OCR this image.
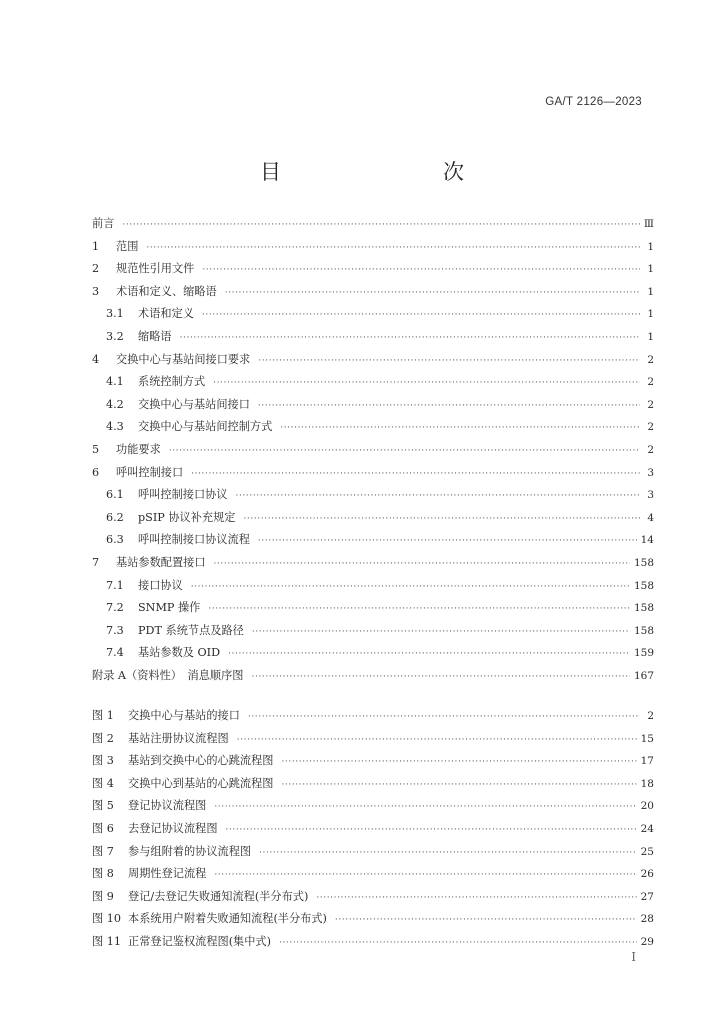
GA/T 2126—2023
目　　次
前言 ·····	Ⅲ
1	范围 ·····	1
2	规范性引用文件 ·····	1
3	术语和定义、缩略语 ·····	1
3.1	术语和定义 ·····	1
3.2	缩略语 ·····	1
4	交换中心与基站间接口要求 ·····	2
4.1	系统控制方式 ·····	2
4.2	交换中心与基站间接口 ·····	2
4.3	交换中心与基站间控制方式 ·····	2
5	功能要求 ·····	2
6	呼叫控制接口 ·····	3
6.1	呼叫控制接口协议 ·····	3
6.2	pSIP 协议补充规定 ·····	4
6.3	呼叫控制接口协议流程 ·····	14
7	基站参数配置接口 ·····	158
7.1	接口协议 ·····	158
7.2	SNMP 操作 ·····	158
7.3	PDT 系统节点及路径 ·····	158
7.4	基站参数及 OID ·····	159
附录 A（资料性）　消息顺序图 ·····	167
图 1	交换中心与基站的接口 ·····	2
图 2	基站注册协议流程图 ·····	15
图 3	基站到交换中心的心跳流程图 ·····	17
图 4	交换中心到基站的心跳流程图 ·····	18
图 5	登记协议流程图 ·····	20
图 6	去登记协议流程图 ·····	24
图 7	参与组附着的协议流程图 ·····	25
图 8	周期性登记流程 ·····	26
图 9	登记/去登记失败通知流程(半分布式) ·····	27
图 10 本系统用户附着失败通知流程(半分布式) ·····	28
图 11 正常登记鉴权流程图(集中式) ·····	29
I
